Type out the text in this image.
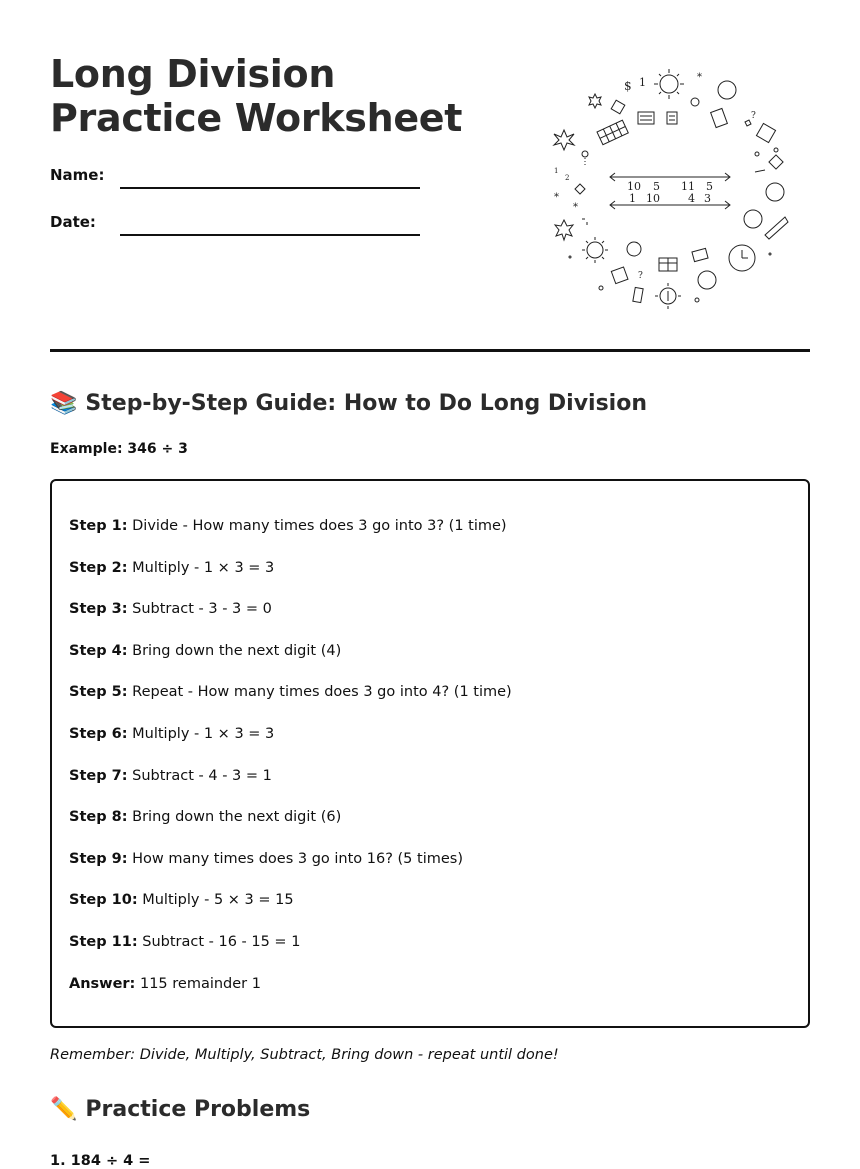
Long Division Practice Worksheet
Name:
Date:
10 5 11 5
1 10	4 3
$ 1
?
2
?
1
*
*
*
📚 Step-by-Step Guide: How to Do Long Division
Example: 346 ÷ 3
Step 1: Divide - How many times does 3 go into 3? (1 time)
Step 2: Multiply - 1 × 3 = 3
Step 3: Subtract - 3 - 3 = 0
Step 4: Bring down the next digit (4)
Step 5: Repeat - How many times does 3 go into 4? (1 time)
Step 6: Multiply - 1 × 3 = 3
Step 7: Subtract - 4 - 3 = 1
Step 8: Bring down the next digit (6)
Step 9: How many times does 3 go into 16? (5 times)
Step 10: Multiply - 5 × 3 = 15
Step 11: Subtract - 16 - 15 = 1
Answer: 115 remainder 1
Remember: Divide, Multiply, Subtract, Bring down - repeat until done!
✏️ Practice Problems
1. 184 ÷ 4 =
